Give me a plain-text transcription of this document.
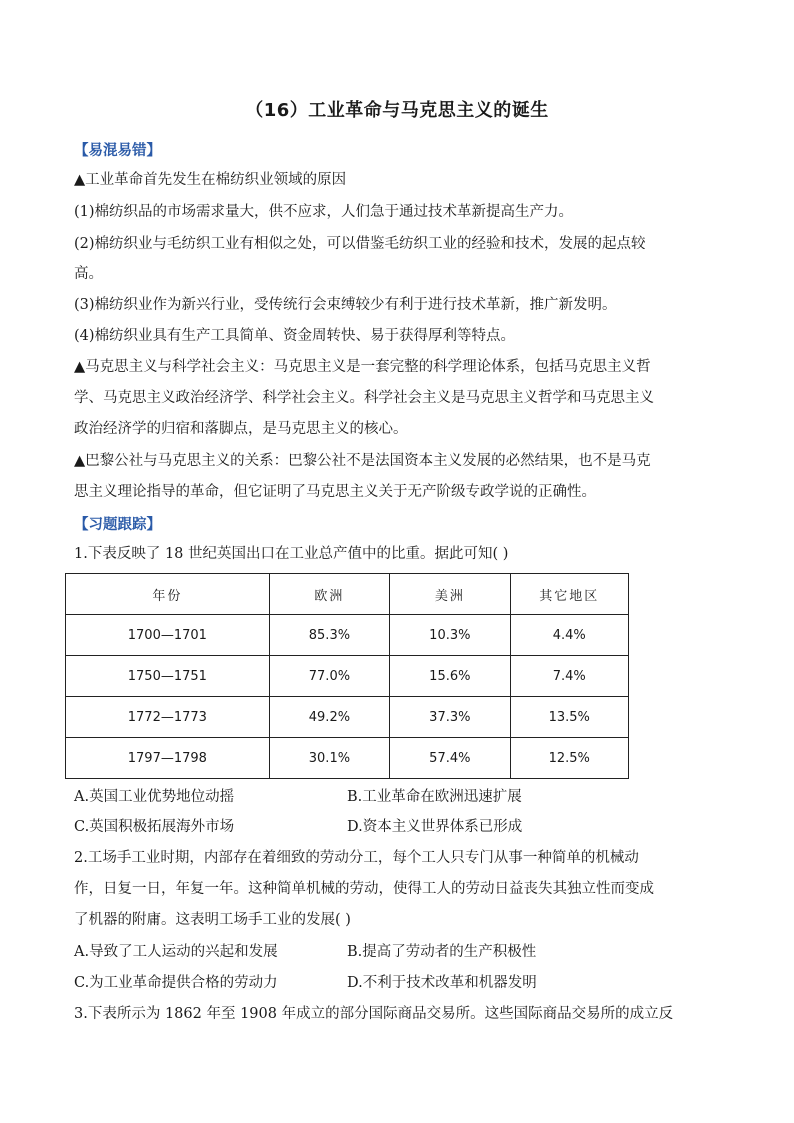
（16）工业革命与马克思主义的诞生
【易混易错】
▲工业革命首先发生在棉纺织业领域的原因
(1)棉纺织品的市场需求量大，供不应求，人们急于通过技术革新提高生产力。
(2)棉纺织业与毛纺织工业有相似之处，可以借鉴毛纺织工业的经验和技术，发展的起点较
高。
(3)棉纺织业作为新兴行业，受传统行会束缚较少有利于进行技术革新，推广新发明。
(4)棉纺织业具有生产工具简单、资金周转快、易于获得厚利等特点。
▲马克思主义与科学社会主义：马克思主义是一套完整的科学理论体系，包括马克思主义哲
学、马克思主义政治经济学、科学社会主义。科学社会主义是马克思主义哲学和马克思主义
政治经济学的归宿和落脚点，是马克思主义的核心。
▲巴黎公社与马克思主义的关系：巴黎公社不是法国资本主义发展的必然结果，也不是马克
思主义理论指导的革命，但它证明了马克思主义关于无产阶级专政学说的正确性。
【习题跟踪】
1.下表反映了 18 世纪英国出口在工业总产值中的比重。据此可知( )
年份	欧洲	美洲	其它地区
1700—1701	85.3%	10.3%	4.4%
1750—1751	77.0%	15.6%	7.4%
1772—1773	49.2%	37.3%	13.5%
1797—1798	30.1%	57.4%	12.5%
A.英国工业优势地位动摇	B.工业革命在欧洲迅速扩展
C.英国积极拓展海外市场	D.资本主义世界体系已形成
2.工场手工业时期，内部存在着细致的劳动分工，每个工人只专门从事一种简单的机械动
作，日复一日，年复一年。这种简单机械的劳动，使得工人的劳动日益丧失其独立性而变成
了机器的附庸。这表明工场手工业的发展( )
A.导致了工人运动的兴起和发展	B.提高了劳动者的生产积极性
C.为工业革命提供合格的劳动力	D.不利于技术改革和机器发明
3.下表所示为 1862 年至 1908 年成立的部分国际商品交易所。这些国际商品交易所的成立反
